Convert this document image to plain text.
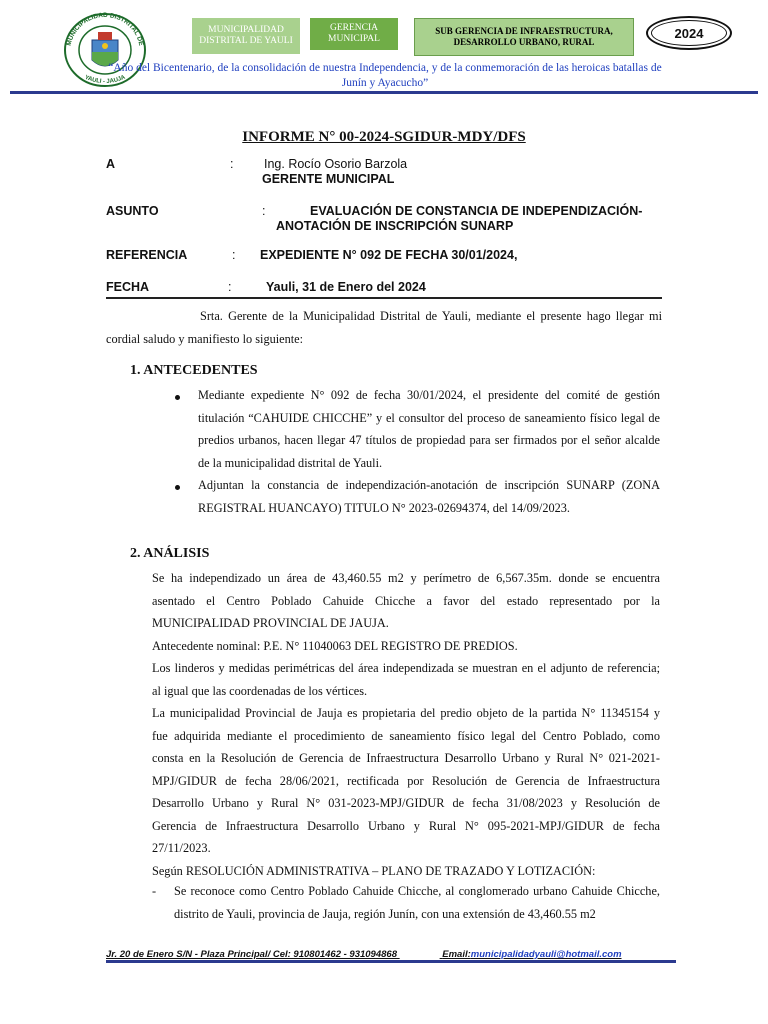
MUNICIPALIDAD DISTRITAL DE
YAULI - JAUJA
MUNICIPALIDAD DISTRITAL DE YAULI
GERENCIA MUNICIPAL
SUB GERENCIA DE INFRAESTRUCTURA, DESARROLLO URBANO, RURAL
2024
“Año del Bicentenario, de la consolidación de nuestra Independencia, y de la conmemoración de las heroicas batallas de Junín y Ayacucho”
INFORME N° 00-2024-SGIDUR-MDY/DFS
A	: Ing. Rocío Osorio Barzola
GERENTE MUNICIPAL
ASUNTO	:	EVALUACIÓN DE CONSTANCIA DE INDEPENDIZACIÓN-
ANOTACIÓN DE INSCRIPCIÓN SUNARP
REFERENCIA	: EXPEDIENTE N° 092 DE FECHA 30/01/2024,
FECHA	:	Yauli, 31 de Enero del 2024
Srta. Gerente de la Municipalidad Distrital de Yauli, mediante el presente hago llegar mi
cordial saludo y manifiesto lo siguiente:
1. ANTECEDENTES
Mediante expediente N° 092 de fecha 30/01/2024, el presidente del comité de gestión
titulación “CAHUIDE CHICCHE” y el consultor del proceso de saneamiento físico legal de
predios urbanos, hacen llegar 47 títulos de propiedad para ser firmados por el señor alcalde
de la municipalidad distrital de Yauli.
Adjuntan la constancia de independización-anotación de inscripción SUNARP (ZONA
REGISTRAL HUANCAYO) TITULO N° 2023-02694374, del 14/09/2023.
2. ANÁLISIS
Se ha independizado un área de 43,460.55 m2 y perímetro de 6,567.35m. donde se encuentra
asentado el Centro Poblado Cahuide Chicche a favor del estado representado por la
MUNICIPALIDAD PROVINCIAL DE JAUJA.
Antecedente nominal: P.E. N° 11040063 DEL REGISTRO DE PREDIOS.
Los linderos y medidas perimétricas del área independizada se muestran en el adjunto de referencia;
al igual que las coordenadas de los vértices.
La municipalidad Provincial de Jauja es propietaria del predio objeto de la partida N° 11345154 y
fue adquirida mediante el procedimiento de saneamiento físico legal del Centro Poblado, como
consta en la Resolución de Gerencia de Infraestructura Desarrollo Urbano y Rural N° 021-2021-
MPJ/GIDUR de fecha 28/06/2021, rectificada por Resolución de Gerencia de Infraestructura
Desarrollo Urbano y Rural N° 031-2023-MPJ/GIDUR de fecha 31/08/2023 y Resolución de
Gerencia de Infraestructura Desarrollo Urbano y Rural N° 095-2021-MPJ/GIDUR de fecha
27/11/2023.
Según RESOLUCIÓN ADMINISTRATIVA – PLANO DE TRAZADO Y LOTIZACIÓN:
- Se reconoce como Centro Poblado Cahuide Chicche, al conglomerado urbano Cahuide Chicche,
distrito de Yauli, provincia de Jauja, región Junín, con una extensión de 43,460.55 m2
Jr. 20 de Enero S/N - Plaza Principal/ Cel: 910801462 - 931094868	Email:municipalidadyauli@hotmail.com
